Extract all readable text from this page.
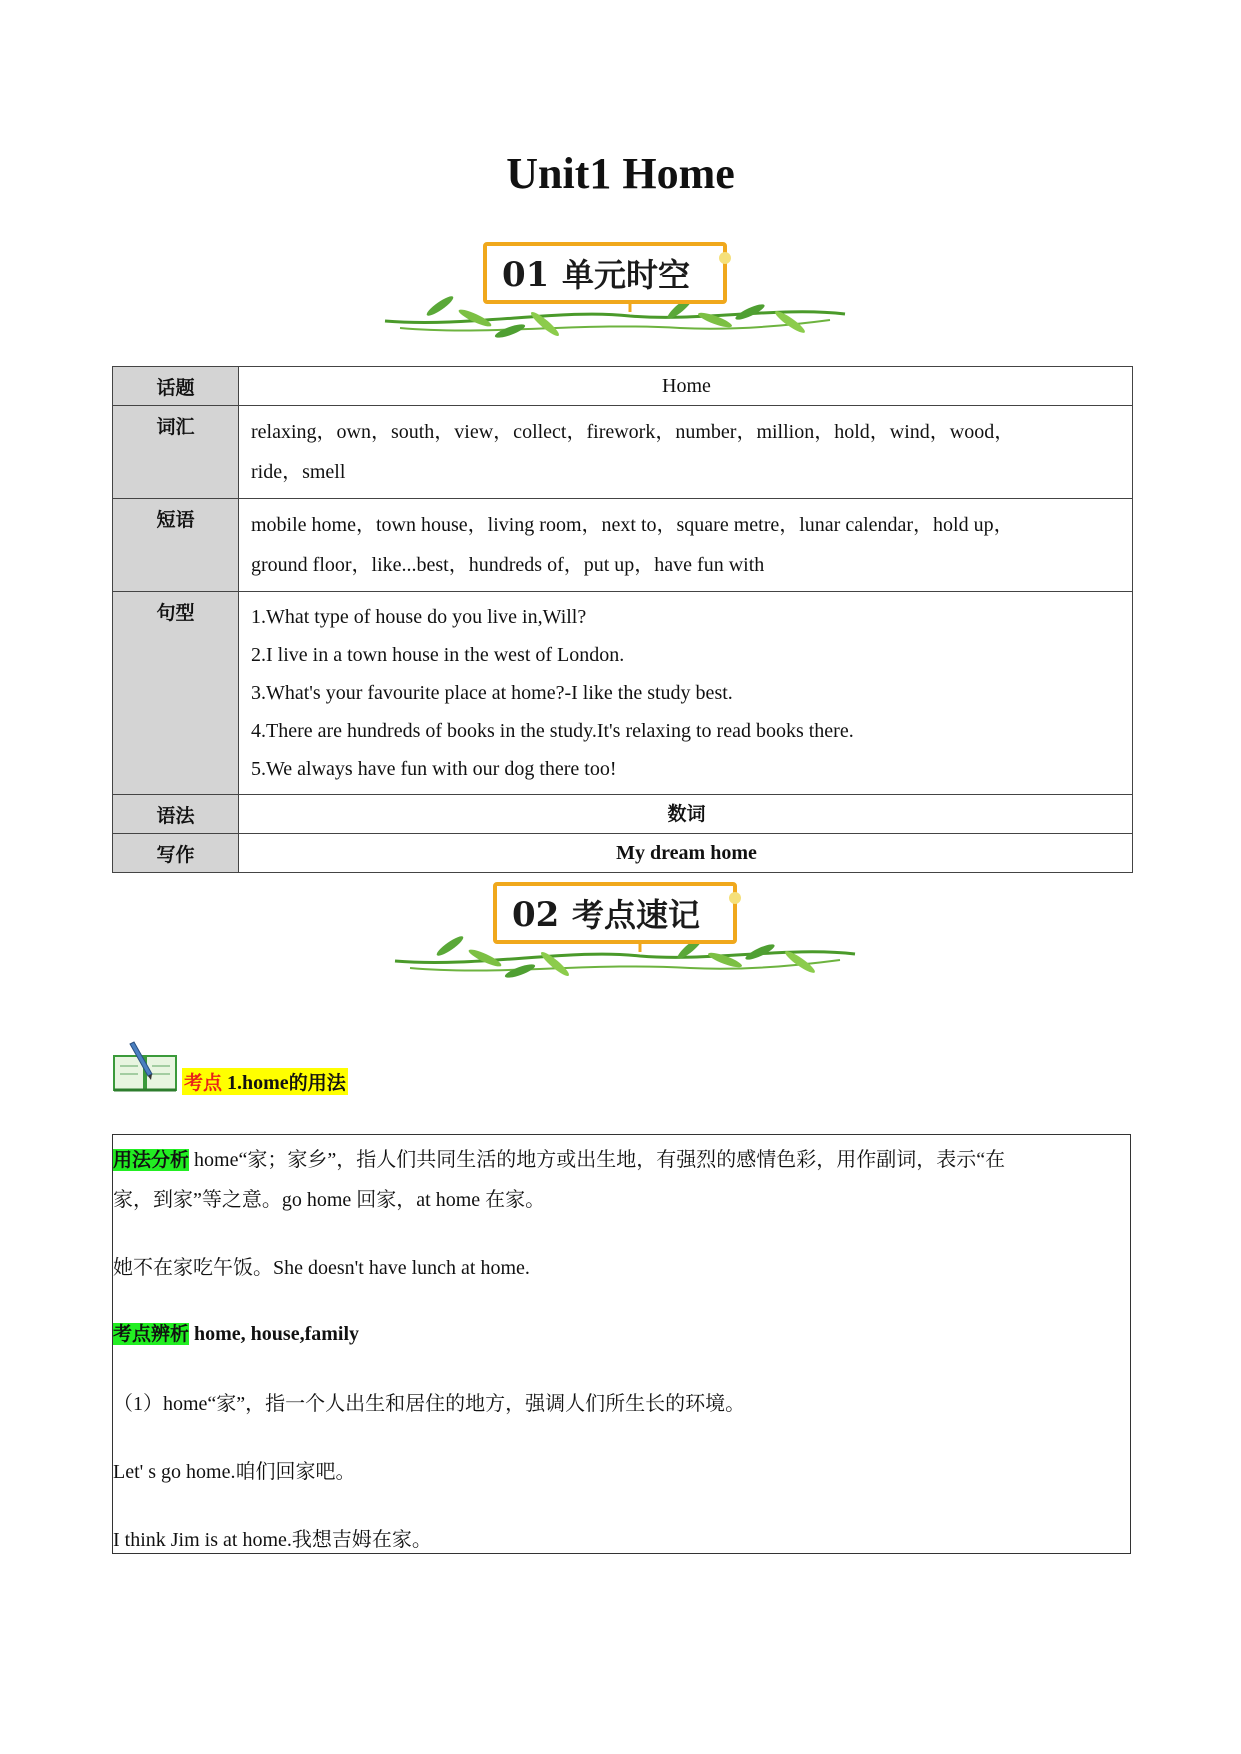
Unit1 Home
01 单元时空
话题	Home
词汇	relaxing，own，south，view，collect，firework，number，million，hold，wind，wood，
ride，smell

短语	mobile home，town house，living room，next to，square metre，lunar calendar，hold up，
ground floor，like...best，hundreds of，put up，have fun with

句型	1.What type of house do you live in,Will?
2.I live in a town house in the west of London.
3.What's your favourite place at home?-I like the study best.
4.There are hundreds of books in the study.It's relaxing to read books there.
5.We always have fun with our dog there too!

语法	数词
写作	My dream home
02 考点速记
考点 1.home的用法
用法分析 home“家；家乡”，指人们共同生活的地方或出生地，有强烈的感情色彩，用作副词，表示“在
家，到家”等之意。go home 回家，at home 在家。
她不在家吃午饭。She doesn't have lunch at home.
考点辨析 home, house,family
（1）home“家”，指一个人出生和居住的地方，强调人们所生长的环境。
Let' s go home.咱们回家吧。
I think Jim is at home.我想吉姆在家。
